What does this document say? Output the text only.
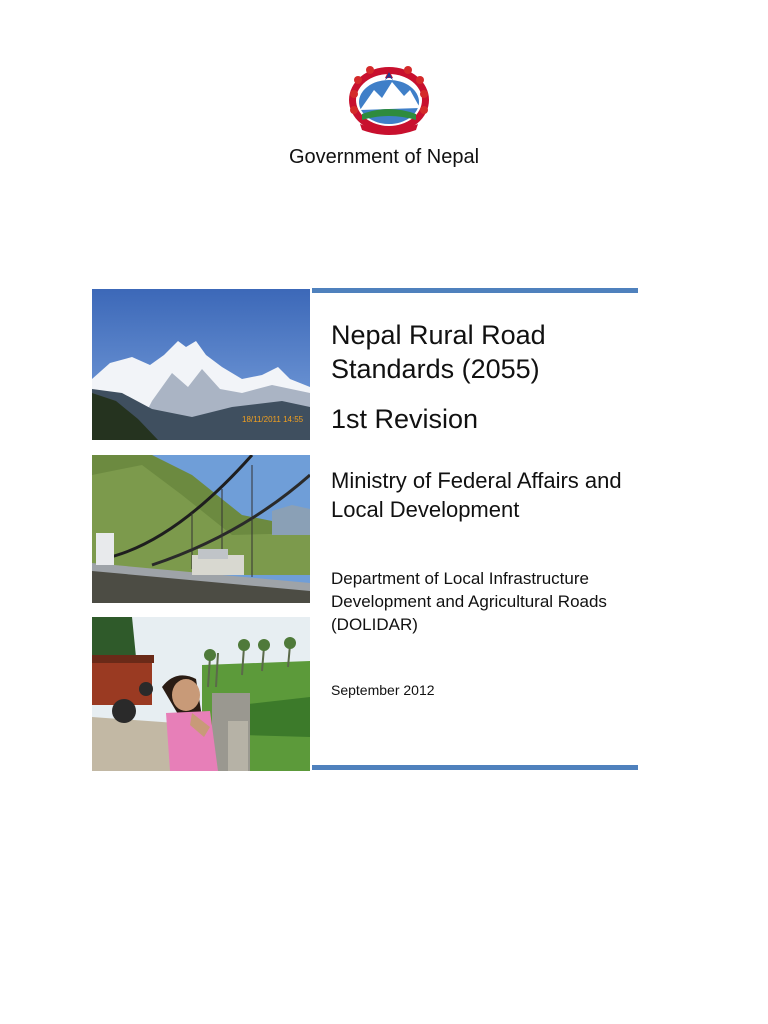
Government of Nepal
18/11/2011 14:55
Nepal Rural Road Standards (2055)
1st Revision
Ministry of Federal Affairs and Local Development
Department of Local Infrastructure Development and Agricultural Roads (DOLIDAR)
September 2012
